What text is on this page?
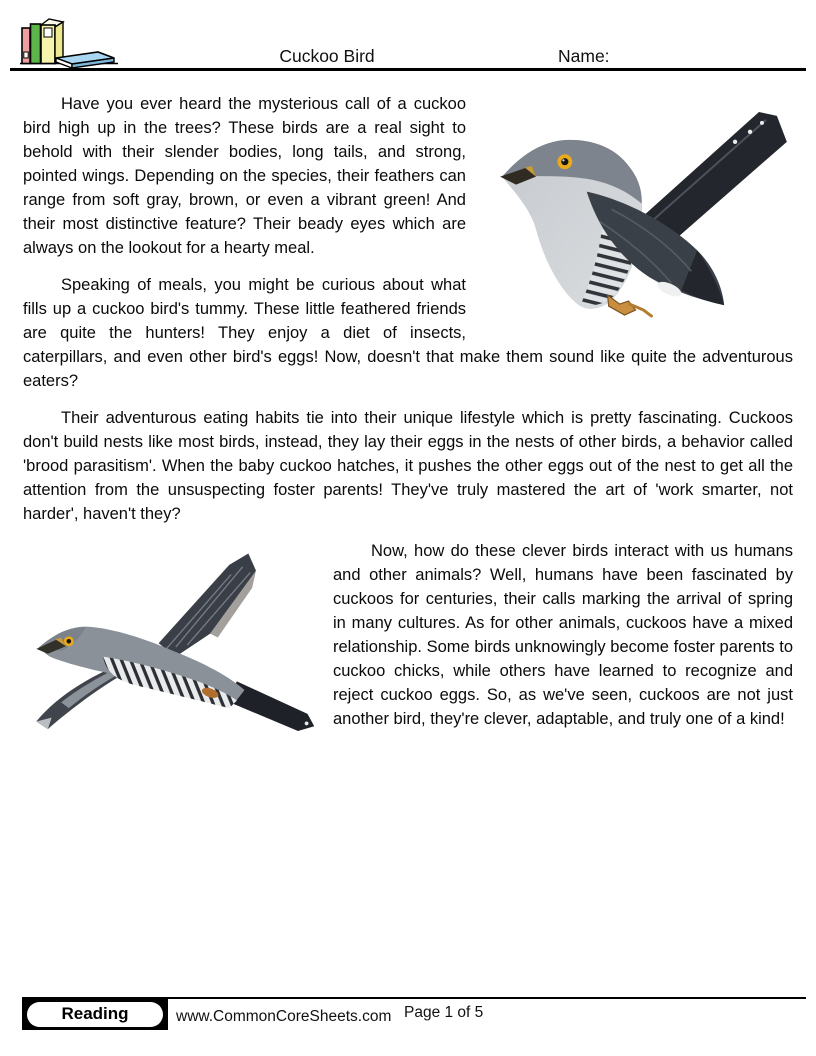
Cuckoo Bird	Name:

Have you ever heard the mysterious call of a cuckoo bird high up in the trees? These birds are a real sight to behold with their slender bodies, long tails, and strong, pointed wings. Depending on the species, their feathers can range from soft gray, brown, or even a vibrant green! And their most distinctive feature? Their beady eyes which are always on the lookout for a hearty meal.

Speaking of meals, you might be curious about what fills up a cuckoo bird's tummy. These little feathered friends are quite the hunters! They enjoy a diet of insects, caterpillars, and even other bird's eggs! Now, doesn't that make them sound like quite the adventurous eaters?

Their adventurous eating habits tie into their unique lifestyle which is pretty fascinating. Cuckoos don't build nests like most birds, instead, they lay their eggs in the nests of other birds, a behavior called 'brood parasitism'. When the baby cuckoo hatches, it pushes the other eggs out of the nest to get all the attention from the unsuspecting foster parents! They've truly mastered the art of 'work smarter, not harder', haven't they?

Now, how do these clever birds interact with us humans and other animals? Well, humans have been fascinated by cuckoos for centuries, their calls marking the arrival of spring in many cultures. As for other animals, cuckoos have a mixed relationship. Some birds unknowingly become foster parents to cuckoo chicks, while others have learned to recognize and reject cuckoo eggs. So, as we've seen, cuckoos are not just another bird, they're clever, adaptable, and truly one of a kind!

Reading	www.CommonCoreSheets.com Page 1 of 5
